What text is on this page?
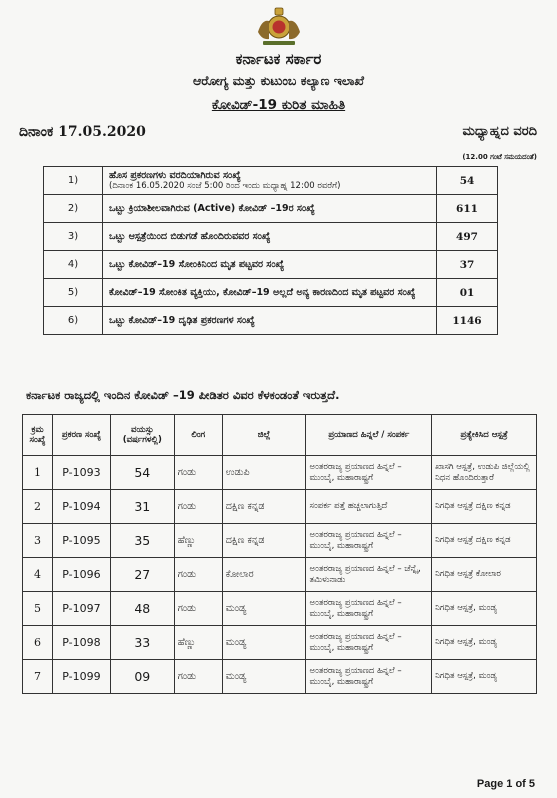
ಕರ್ನಾಟಕ ಸರ್ಕಾರ
ಆರೋಗ್ಯ ಮತ್ತು ಕುಟುಂಬ ಕಲ್ಯಾಣ ಇಲಾಖೆ
ಕೋವಿಡ್-19 ಕುರಿತ ಮಾಹಿತಿ
ದಿನಾಂಕ 17.05.2020	ಮಧ್ಯಾಹ್ನದ ವರದಿ
(12.00 ಗಂಟೆ ಸಮಯದಂತೆ)
1)	ಹೊಸ ಪ್ರಕರಣಗಳು ವರದಿಯಾಗಿರುವ ಸಂಖ್ಯೆ
(ದಿನಾಂಕ 16.05.2020 ಸಂಜೆ 5:00 ರಿಂದ ಇಂದು ಮಧ್ಯಾಹ್ನ 12:00 ರವರೆಗೆ)	54
2)	ಒಟ್ಟು ಕ್ರಿಯಾಶೀಲವಾಗಿರುವ (Active) ಕೋವಿಡ್ –19ರ ಸಂಖ್ಯೆ	611
3)	ಒಟ್ಟು ಆಸ್ಪತ್ರೆಯಿಂದ ಬಿಡುಗಡೆ ಹೊಂದಿರುವವರ ಸಂಖ್ಯೆ	497
4)	ಒಟ್ಟು ಕೋವಿಡ್–19 ಸೋಂಕಿನಿಂದ ಮೃತ ಪಟ್ಟವರ ಸಂಖ್ಯೆ	37
5)	ಕೋವಿಡ್–19 ಸೋಂಕಿತ ವ್ಯಕ್ತಿಯು, ಕೋವಿಡ್–19 ಅಲ್ಲದೆ ಅನ್ಯ ಕಾರಣದಿಂದ ಮೃತ ಪಟ್ಟವರ ಸಂಖ್ಯೆ	01
6)	ಒಟ್ಟು ಕೋವಿಡ್–19 ದೃಢಿತ ಪ್ರಕರಣಗಳ ಸಂಖ್ಯೆ	1146
ಕರ್ನಾಟಕ ರಾಜ್ಯದಲ್ಲಿ ಇಂದಿನ ಕೋವಿಡ್ –19 ಪೀಡಿತರ ವಿವರ ಕೆಳಕಂಡಂತೆ ಇರುತ್ತದೆ.
ಕ್ರಮ ಸಂಖ್ಯೆ	ಪ್ರಕರಣ ಸಂಖ್ಯೆ	ವಯಸ್ಸು (ವರ್ಷಗಳಲ್ಲಿ)	ಲಿಂಗ	ಜಿಲ್ಲೆ	ಪ್ರಯಾಣದ ಹಿನ್ನಲೆ / ಸಂಪರ್ಕ	ಪ್ರತ್ಯೇಕಿಸಿದ ಆಸ್ಪತ್ರೆ
1	P-1093	54	ಗಂಡು	ಉಡುಪಿ	ಅಂತರರಾಜ್ಯ ಪ್ರಯಾಣದ ಹಿನ್ನಲೆ – ಮುಂಬೈ, ಮಹಾರಾಷ್ಟ್ರಗೆ	ಖಾಸಗಿ ಆಸ್ಪತ್ರೆ, ಉಡುಪಿ ಜಿಲ್ಲೆಯಲ್ಲಿ ನಿಧನ ಹೊಂದಿರುತ್ತಾರೆ
2	P-1094	31	ಗಂಡು	ದಕ್ಷಿಣ ಕನ್ನಡ	ಸಂಪರ್ಕ ಪತ್ತೆ ಹಚ್ಚಲಾಗುತ್ತಿದೆ	ನಿಗಧಿತ ಆಸ್ಪತ್ರೆ ದಕ್ಷಿಣ ಕನ್ನಡ
3	P-1095	35	ಹೆಣ್ಣು	ದಕ್ಷಿಣ ಕನ್ನಡ	ಅಂತರರಾಜ್ಯ ಪ್ರಯಾಣದ ಹಿನ್ನಲೆ – ಮುಂಬೈ, ಮಹಾರಾಷ್ಟ್ರಗೆ	ನಿಗಧಿತ ಆಸ್ಪತ್ರೆ ದಕ್ಷಿಣ ಕನ್ನಡ
4	P-1096	27	ಗಂಡು	ಕೋಲಾರ	ಅಂತರರಾಜ್ಯ ಪ್ರಯಾಣದ ಹಿನ್ನಲೆ – ಚೆನ್ನೈ, ತಮಿಳುನಾಡು	ನಿಗಧಿತ ಆಸ್ಪತ್ರೆ ಕೋಲಾರ
5	P-1097	48	ಗಂಡು	ಮಂಡ್ಯ	ಅಂತರರಾಜ್ಯ ಪ್ರಯಾಣದ ಹಿನ್ನಲೆ – ಮುಂಬೈ, ಮಹಾರಾಷ್ಟ್ರಗೆ	ನಿಗಧಿತ ಆಸ್ಪತ್ರೆ, ಮಂಡ್ಯ
6	P-1098	33	ಹೆಣ್ಣು	ಮಂಡ್ಯ	ಅಂತರರಾಜ್ಯ ಪ್ರಯಾಣದ ಹಿನ್ನಲೆ – ಮುಂಬೈ, ಮಹಾರಾಷ್ಟ್ರಗೆ	ನಿಗಧಿತ ಆಸ್ಪತ್ರೆ, ಮಂಡ್ಯ
7	P-1099	09	ಗಂಡು	ಮಂಡ್ಯ	ಅಂತರರಾಜ್ಯ ಪ್ರಯಾಣದ ಹಿನ್ನಲೆ – ಮುಂಬೈ, ಮಹಾರಾಷ್ಟ್ರಗೆ	ನಿಗಧಿತ ಆಸ್ಪತ್ರೆ, ಮಂಡ್ಯ
Page 1 of 5
